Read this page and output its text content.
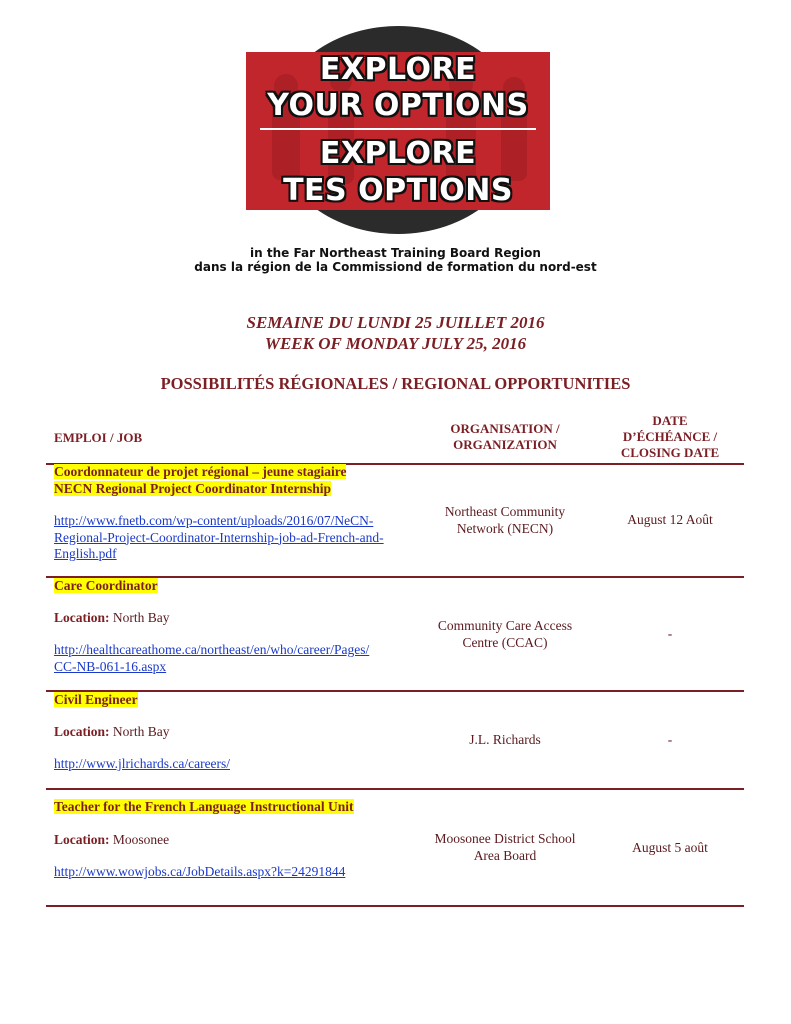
EXPLORE
YOUR OPTIONS
EXPLORE
TES OPTIONS
in the Far Northeast Training Board Region
dans la région de la Commissiond de formation du nord-est
SEMAINE DU LUNDI 25 JUILLET 2016
WEEK OF MONDAY JULY 25, 2016
POSSIBILITÉS RÉGIONALES / REGIONAL OPPORTUNITIES
EMPLOI / JOB
ORGANISATION /
ORGANIZATION
DATE
D’ÉCHÉANCE /
CLOSING DATE
Coordonnateur de projet régional – jeune stagiaire
NECN Regional Project Coordinator Internship
http://www.fnetb.com/wp-content/uploads/2016/07/NeCN-
Regional-Project-Coordinator-Internship-job-ad-French-and-
English.pdf
Northeast Community
Network (NECN)
August 12 Août
Care Coordinator
Location: North Bay
http://healthcareathome.ca/northeast/en/who/career/Pages/
CC-NB-061-16.aspx
Community Care Access
Centre (CCAC)
-
Civil Engineer
Location: North Bay
http://www.jlrichards.ca/careers/
J.L. Richards	-
Teacher for the French Language Instructional Unit
Location: Moosonee
http://www.wowjobs.ca/JobDetails.aspx?k=24291844
Moosonee District School
Area Board	August 5 août
